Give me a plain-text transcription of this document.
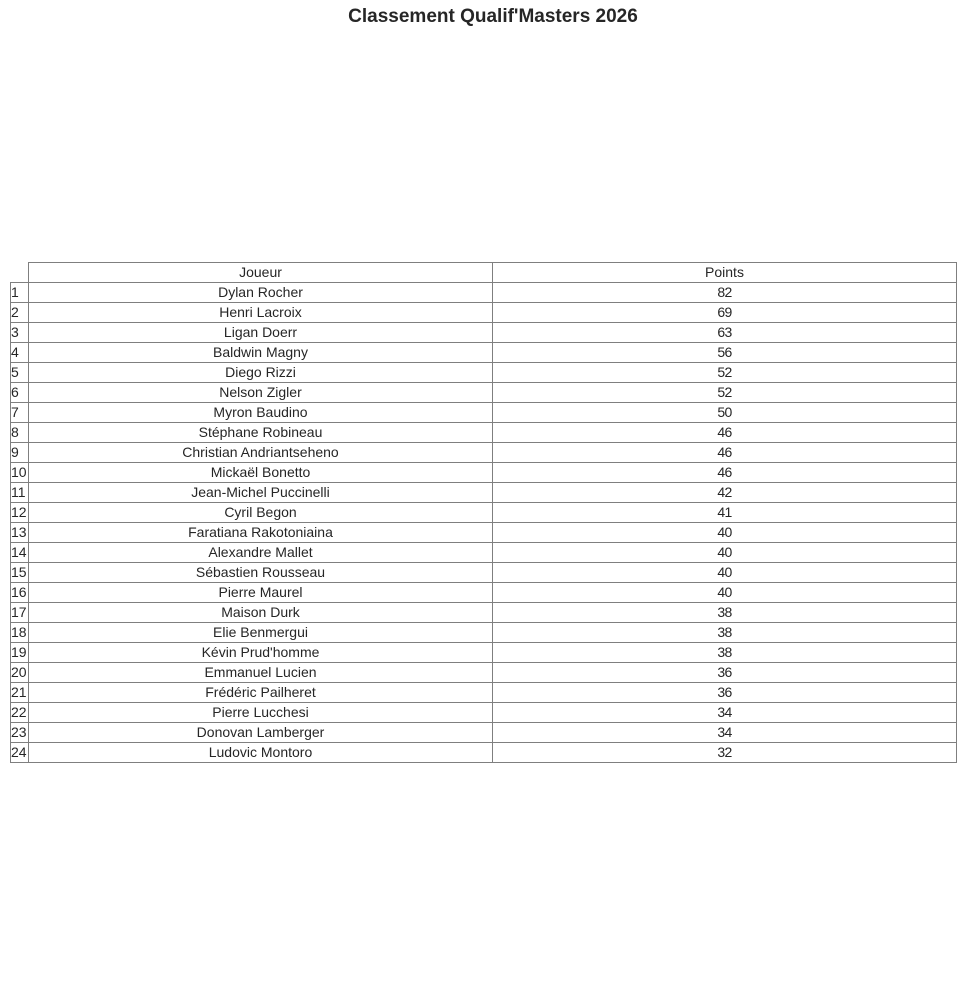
Classement Qualif'Masters 2026
	Joueur	Points
1	Dylan Rocher	82
2	Henri Lacroix	69
3	Ligan Doerr	63
4	Baldwin Magny	56
5	Diego Rizzi	52
6	Nelson Zigler	52
7	Myron Baudino	50
8	Stéphane Robineau	46
9	Christian Andriantseheno	46
10	Mickaël Bonetto	46
11	Jean-Michel Puccinelli	42
12	Cyril Begon	41
13	Faratiana Rakotoniaina	40
14	Alexandre Mallet	40
15	Sébastien Rousseau	40
16	Pierre Maurel	40
17	Maison Durk	38
18	Elie Benmergui	38
19	Kévin Prud'homme	38
20	Emmanuel Lucien	36
21	Frédéric Pailheret	36
22	Pierre Lucchesi	34
23	Donovan Lamberger	34
24	Ludovic Montoro	32
